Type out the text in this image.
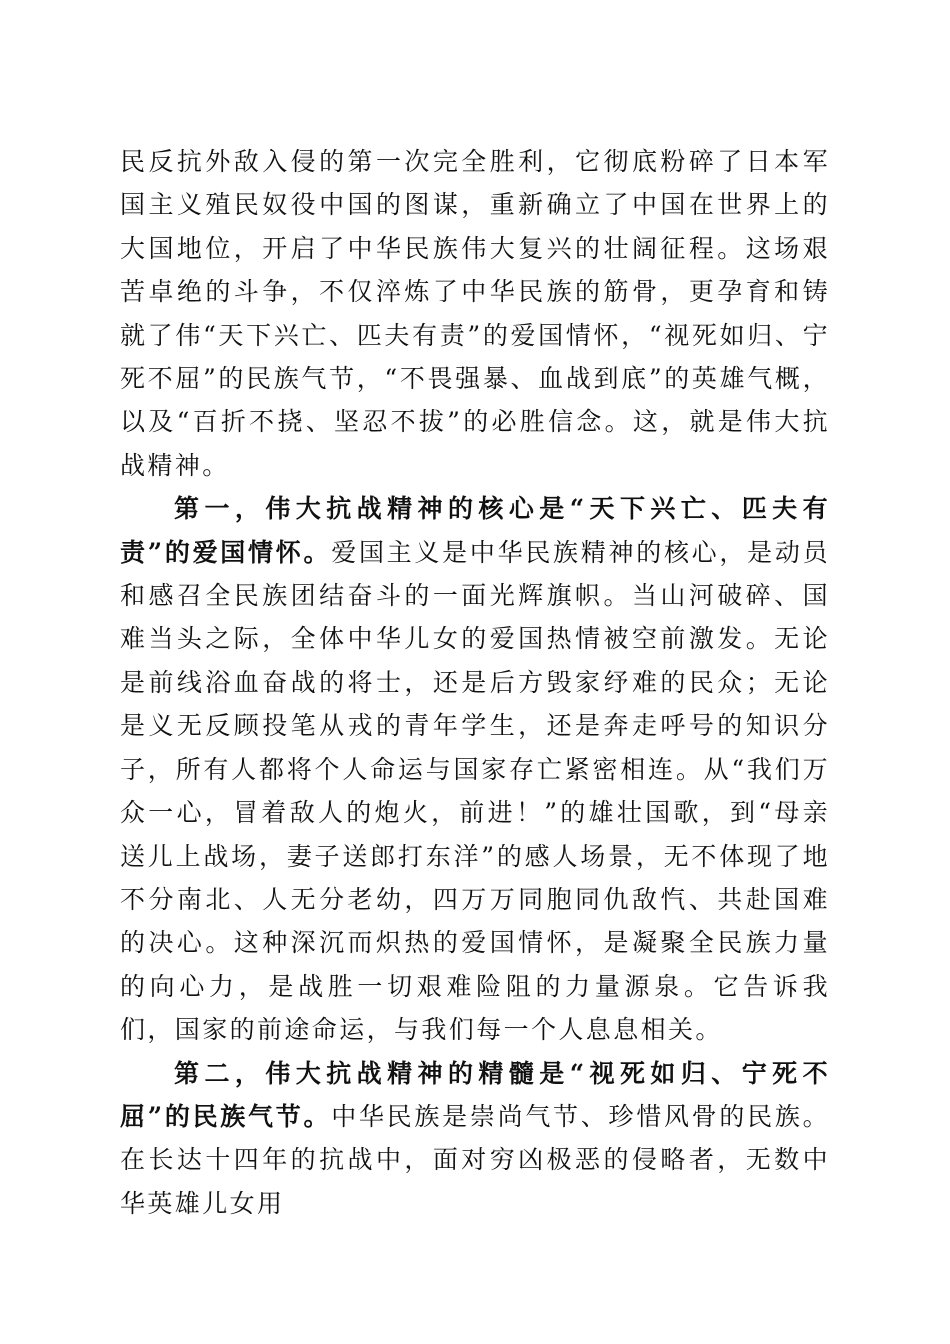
民反抗外敌入侵的第一次完全胜利，它彻底粉碎了日本军国主义殖民奴役中国的图谋，重新确立了中国在世界上的大国地位，开启了中华民族伟大复兴的壮阔征程。这场艰苦卓绝的斗争，不仅淬炼了中华民族的筋骨，更孕育和铸就了伟“天下兴亡、匹夫有责”的爱国情怀，“视死如归、宁死不屈”的民族气节，“不畏强暴、血战到底”的英雄气概，以及“百折不挠、坚忍不拔”的必胜信念。这，就是伟大抗战精神。

第一，伟大抗战精神的核心是“天下兴亡、匹夫有责”的爱国情怀。爱国主义是中华民族精神的核心，是动员和感召全民族团结奋斗的一面光辉旗帜。当山河破碎、国难当头之际，全体中华儿女的爱国热情被空前激发。无论是前线浴血奋战的将士，还是后方毁家纾难的民众；无论是义无反顾投笔从戎的青年学生，还是奔走呼号的知识分子，所有人都将个人命运与国家存亡紧密相连。从“我们万众一心，冒着敌人的炮火，前进！”的雄壮国歌，到“母亲送儿上战场，妻子送郎打东洋”的感人场景，无不体现了地不分南北、人无分老幼，四万万同胞同仇敌忾、共赴国难的决心。这种深沉而炽热的爱国情怀，是凝聚全民族力量的向心力，是战胜一切艰难险阻的力量源泉。它告诉我们，国家的前途命运，与我们每一个人息息相关。

第二，伟大抗战精神的精髓是“视死如归、宁死不屈”的民族气节。中华民族是崇尚气节、珍惜风骨的民族。在长达十四年的抗战中，面对穷凶极恶的侵略者，无数中华英雄儿女用
